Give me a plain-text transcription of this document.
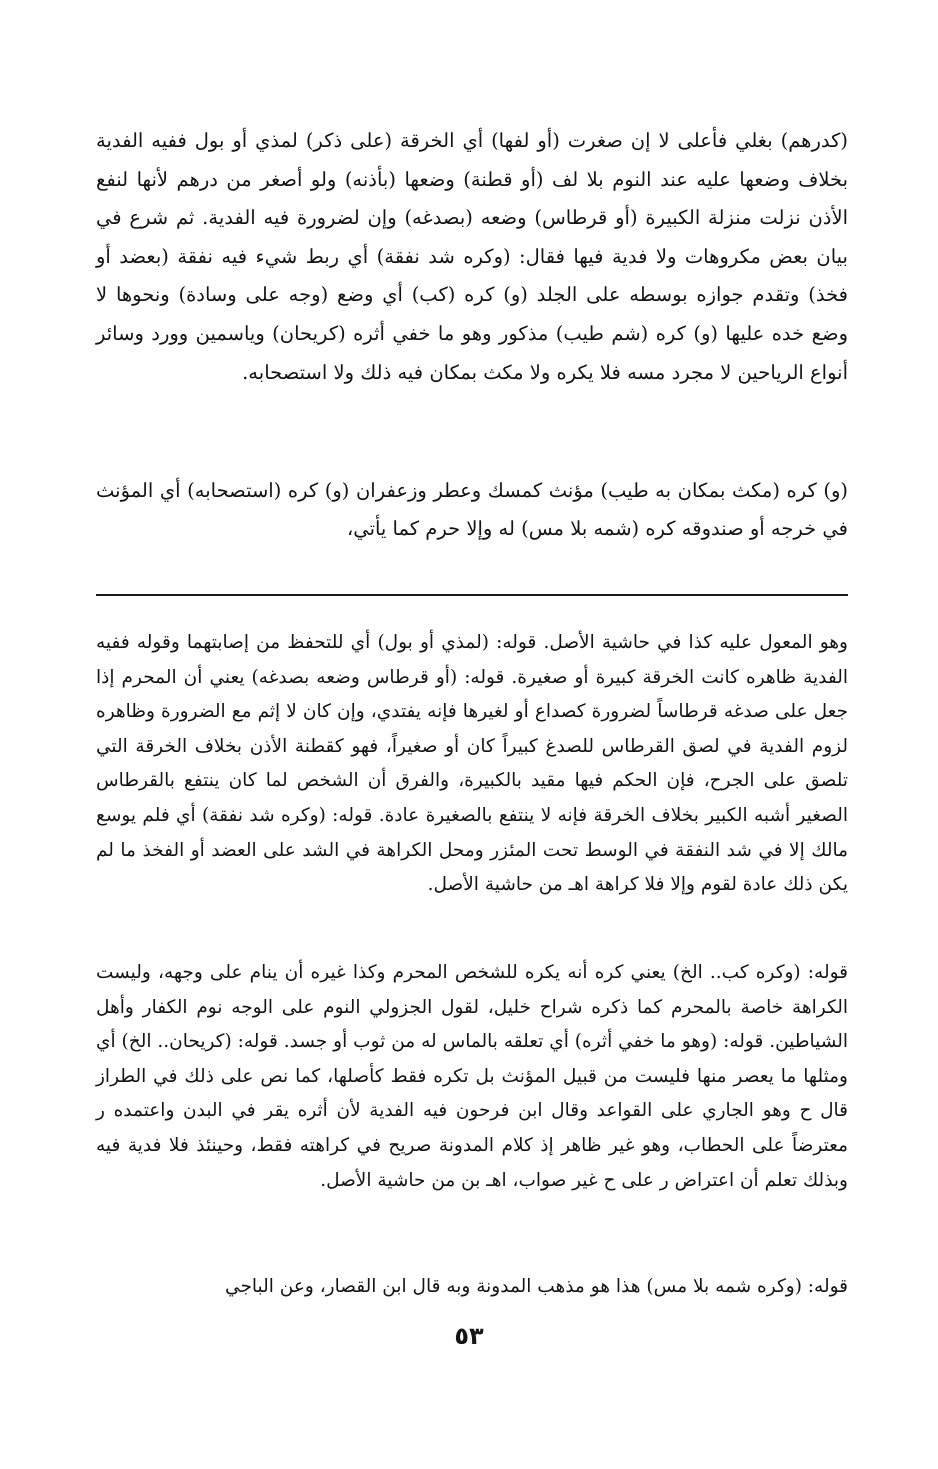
(كدرهم) بغلي فأعلى لا إن صغرت (أو لفها) أي الخرقة (على ذكر) لمذي أو بول ففيه الفدية بخلاف وضعها عليه عند النوم بلا لف (أو قطنة) وضعها (بأذنه) ولو أصغر من درهم لأنها لنفع الأذن نزلت منزلة الكبيرة (أو قرطاس) وضعه (بصدغه) وإن لضرورة فيه الفدية. ثم شرع في بيان بعض مكروهات ولا فدية فيها فقال: (وكره شد نفقة) أي ربط شيء فيه نفقة (بعضد أو فخذ) وتقدم جوازه بوسطه على الجلد (و) كره (كب) أي وضع (وجه على وسادة) ونحوها لا وضع خده عليها (و) كره (شم طيب) مذكور وهو ما خفي أثره (كريحان) وياسمين وورد وسائر أنواع الرياحين لا مجرد مسه فلا يكره ولا مكث بمكان فيه ذلك ولا استصحابه.

(و) كره (مكث بمكان به طيب) مؤنث كمسك وعطر وزعفران (و) كره (استصحابه) أي المؤنث في خرجه أو صندوقه كره (شمه بلا مس) له وإلا حرم كما يأتي،

وهو المعول عليه كذا في حاشية الأصل. قوله: (لمذي أو بول) أي للتحفظ من إصابتهما وقوله ففيه الفدية ظاهره كانت الخرقة كبيرة أو صغيرة. قوله: (أو قرطاس وضعه بصدغه) يعني أن المحرم إذا جعل على صدغه قرطاساً لضرورة كصداع أو لغيرها فإنه يفتدي، وإن كان لا إثم مع الضرورة وظاهره لزوم الفدية في لصق القرطاس للصدغ كبيراً كان أو صغيراً، فهو كقطنة الأذن بخلاف الخرقة التي تلصق على الجرح، فإن الحكم فيها مقيد بالكبيرة، والفرق أن الشخص لما كان ينتفع بالقرطاس الصغير أشبه الكبير بخلاف الخرقة فإنه لا ينتفع بالصغيرة عادة. قوله: (وكره شد نفقة) أي فلم يوسع مالك إلا في شد النفقة في الوسط تحت المئزر ومحل الكراهة في الشد على العضد أو الفخذ ما لم يكن ذلك عادة لقوم وإلا فلا كراهة اهـ من حاشية الأصل.

قوله: (وكره كب.. الخ) يعني كره أنه يكره للشخص المحرم وكذا غيره أن ينام على وجهه، وليست الكراهة خاصة بالمحرم كما ذكره شراح خليل، لقول الجزولي النوم على الوجه نوم الكفار وأهل الشياطين. قوله: (وهو ما خفي أثره) أي تعلقه بالماس له من ثوب أو جسد. قوله: (كريحان.. الخ) أي ومثلها ما يعصر منها فليست من قبيل المؤنث بل تكره فقط كأصلها، كما نص على ذلك في الطراز قال ح وهو الجاري على القواعد وقال ابن فرحون فيه الفدية لأن أثره يقر في البدن واعتمده ر معترضاً على الحطاب، وهو غير ظاهر إذ كلام المدونة صريح في كراهته فقط، وحينئذ فلا فدية فيه وبذلك تعلم أن اعتراض ر على ح غير صواب، اهـ بن من حاشية الأصل.

قوله: (وكره شمه بلا مس) هذا هو مذهب المدونة وبه قال ابن القصار، وعن الباجي

٥٣
